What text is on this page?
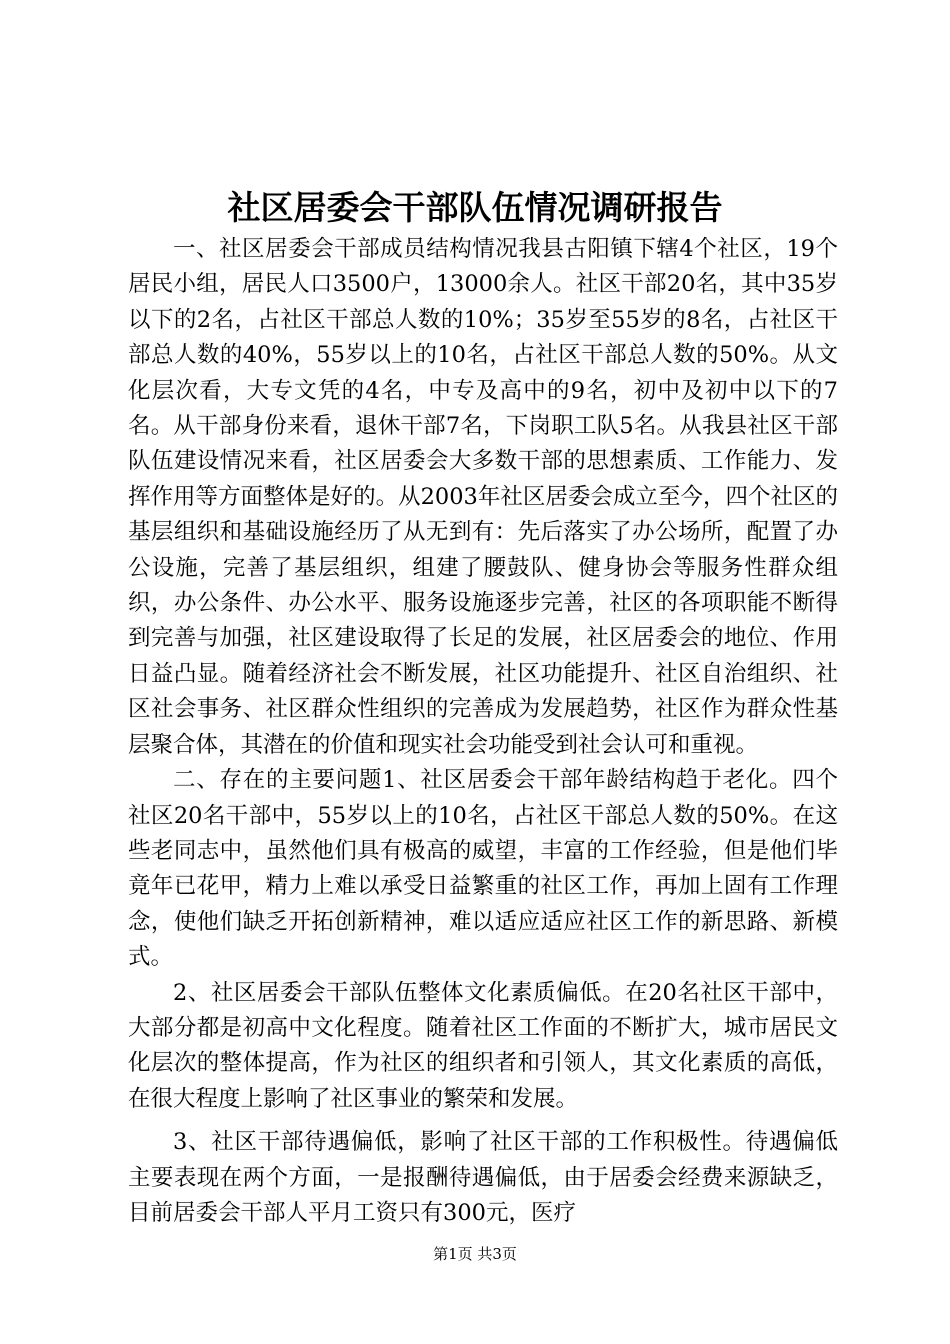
社区居委会干部队伍情况调研报告

一、社区居委会干部成员结构情况我县古阳镇下辖4个社区，19个居民小组，居民人口3500户，13000余人。社区干部20名，其中35岁以下的2名，占社区干部总人数的10%；35岁至55岁的8名，占社区干部总人数的40%，55岁以上的10名，占社区干部总人数的50%。从文化层次看，大专文凭的4名，中专及高中的9名，初中及初中以下的7名。从干部身份来看，退休干部7名，下岗职工队5名。从我县社区干部队伍建设情况来看，社区居委会大多数干部的思想素质、工作能力、发挥作用等方面整体是好的。从2003年社区居委会成立至今，四个社区的基层组织和基础设施经历了从无到有：先后落实了办公场所，配置了办公设施，完善了基层组织，组建了腰鼓队、健身协会等服务性群众组织，办公条件、办公水平、服务设施逐步完善，社区的各项职能不断得到完善与加强，社区建设取得了长足的发展，社区居委会的地位、作用日益凸显。随着经济社会不断发展，社区功能提升、社区自治组织、社区社会事务、社区群众性组织的完善成为发展趋势，社区作为群众性基层聚合体，其潜在的价值和现实社会功能受到社会认可和重视。

二、存在的主要问题1、社区居委会干部年龄结构趋于老化。四个社区20名干部中，55岁以上的10名，占社区干部总人数的50%。在这些老同志中，虽然他们具有极高的威望，丰富的工作经验，但是他们毕竟年已花甲，精力上难以承受日益繁重的社区工作，再加上固有工作理念，使他们缺乏开拓创新精神，难以适应适应社区工作的新思路、新模式。

2、社区居委会干部队伍整体文化素质偏低。在20名社区干部中，大部分都是初高中文化程度。随着社区工作面的不断扩大，城市居民文化层次的整体提高，作为社区的组织者和引领人，其文化素质的高低，在很大程度上影响了社区事业的繁荣和发展。

3、社区干部待遇偏低，影响了社区干部的工作积极性。待遇偏低主要表现在两个方面，一是报酬待遇偏低，由于居委会经费来源缺乏，目前居委会干部人平月工资只有300元，医疗

第1页 共3页
